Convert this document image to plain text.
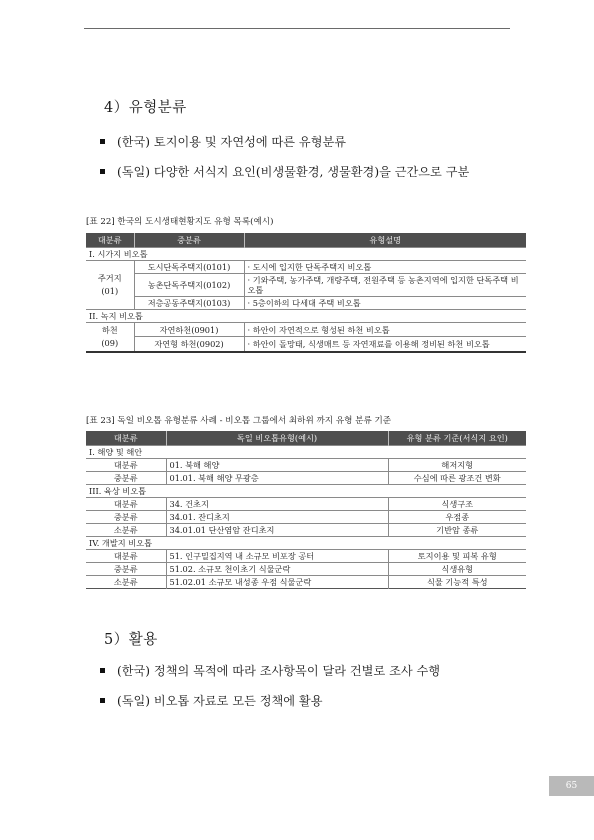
4）유형분류
(한국) 토지이용 및 자연성에 따른 유형분류
(독일) 다양한 서식지 요인(비생물환경, 생물환경)을 근간으로 구분
[표 22] 한국의 도시생태현황지도 유형 목록(예시)
대분류	중분류	유형설명
I. 시가지 비오톱		
주거지
(01)	도시단독주택지(0101)	· 도시에 입지한 단독주택지 비오톱
	농촌단독주택지(0102)	· 기와주택, 농가주택, 개량주택, 전원주택 등 농촌지역에 입지한 단독주택 비오톱
	저층공동주택지(0103)	· 5층이하의 다세대 주택 비오톱
II. 녹지 비오톱		
하천
(09)	자연하천(0901)	· 하안이 자연적으로 형성된 하천 비오톱
	자연형 하천(0902)	· 하안이 돌망태, 식생매트 등 자연재료를 이용해 정비된 하천 비오톱
[표 23] 독일 비오톱 유형분류 사례 - 비오톱 그룹에서 최하위 까지 유형 분류 기준
대분류	독일 비오톱유형(예시)	유형 분류 기준(서식지 요인)
I. 해양 및 해안		
대분류	01. 북해 해양	해저지형
중분류	01.01. 북해 해양 무광층	수심에 따른 광조건 변화
III. 육상 비오톱		
대분류	34. 건초지	식생구조
중분류	34.01. 잔디초지	우점종
소분류	34.01.01 단산염암 잔디초지	기반암 종류
IV. 개발지 비오톱		
대분류	51. 인구밀집지역 내 소규모 비포장 공터	토지이용 및 피복 유형
중분류	51.02. 소규모 천이초기 식물군락	식생유형
소분류	51.02.01 소규모 내성종 우점 식물군락	식물 기능적 특성
5）활용
(한국) 정책의 목적에 따라 조사항목이 달라 건별로 조사 수행
(독일) 비오톱 자료로 모든 정책에 활용
65
